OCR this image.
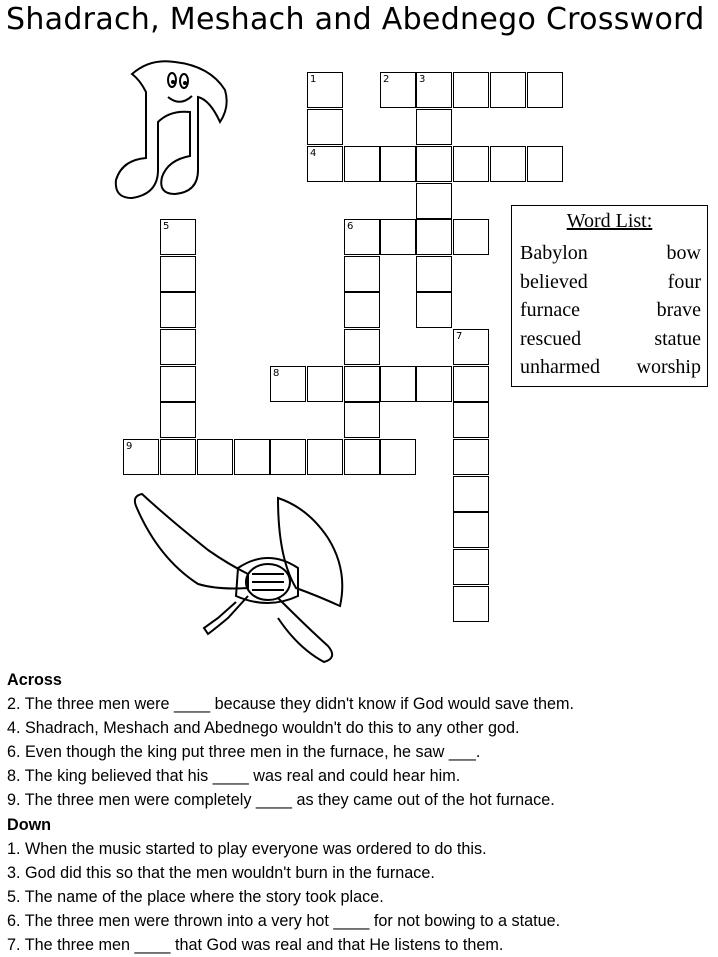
Shadrach, Meshach and Abednego Crossword
1	2	3
4
5	6
7
8
9
Word List:
Babylon	bow
believed	four
furnace	brave
rescued	statue
unharmed worship
Across
2. The three men were ____ because they didn't know if God would save them.
4. Shadrach, Meshach and Abednego wouldn't do this to any other god.
6. Even though the king put three men in the furnace, he saw ___.
8. The king believed that his ____ was real and could hear him.
9. The three men were completely ____ as they came out of the hot furnace.
Down
1. When the music started to play everyone was ordered to do this.
3. God did this so that the men wouldn't burn in the furnace.
5. The name of the place where the story took place.
6. The three men were thrown into a very hot ____ for not bowing to a statue.
7. The three men ____ that God was real and that He listens to them.
